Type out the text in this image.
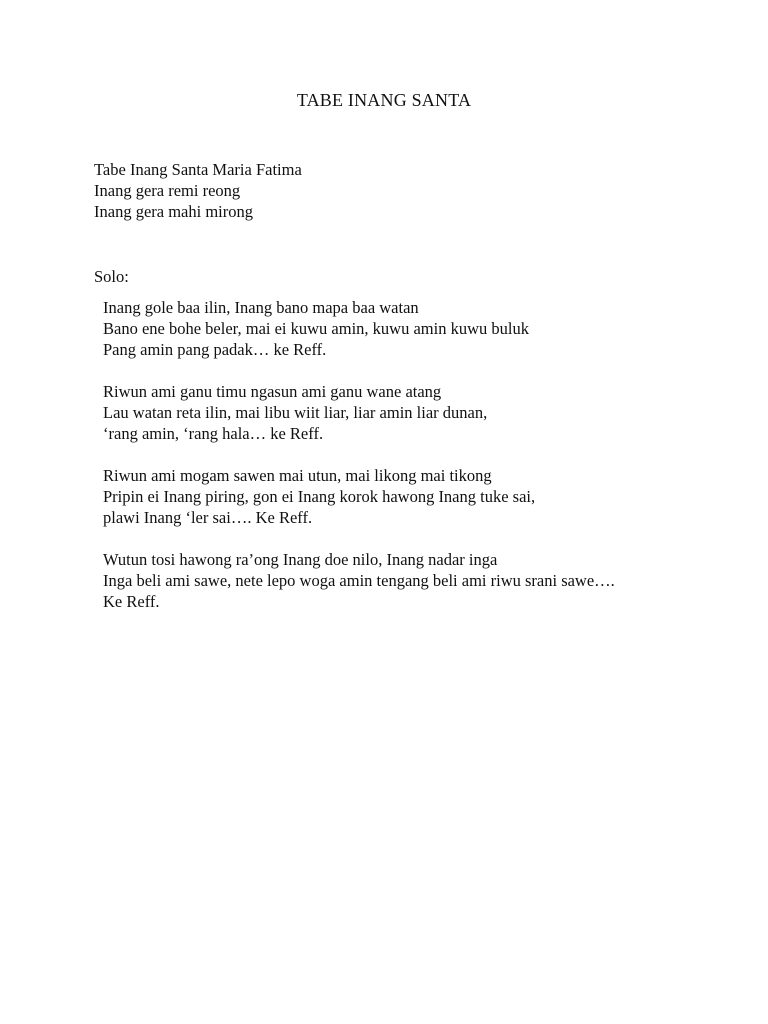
TABE INANG SANTA
Tabe Inang Santa Maria Fatima
Inang gera remi reong
Inang gera mahi mirong
Solo:
Inang gole baa ilin, Inang bano mapa baa watan
Bano ene bohe beler, mai ei kuwu amin, kuwu amin kuwu buluk
Pang amin pang padak… ke Reff.
Riwun ami ganu timu ngasun ami ganu wane atang
Lau watan reta ilin, mai libu wiit liar, liar amin liar dunan,
‘rang amin, ‘rang hala… ke Reff.
Riwun ami mogam sawen mai utun, mai likong mai tikong
Pripin ei Inang piring, gon ei Inang korok hawong Inang tuke sai,
plawi Inang ‘ler sai…. Ke Reff.
Wutun tosi hawong ra’ong Inang doe nilo, Inang nadar inga
Inga beli ami sawe, nete lepo woga amin tengang beli ami riwu srani sawe….
Ke Reff.
